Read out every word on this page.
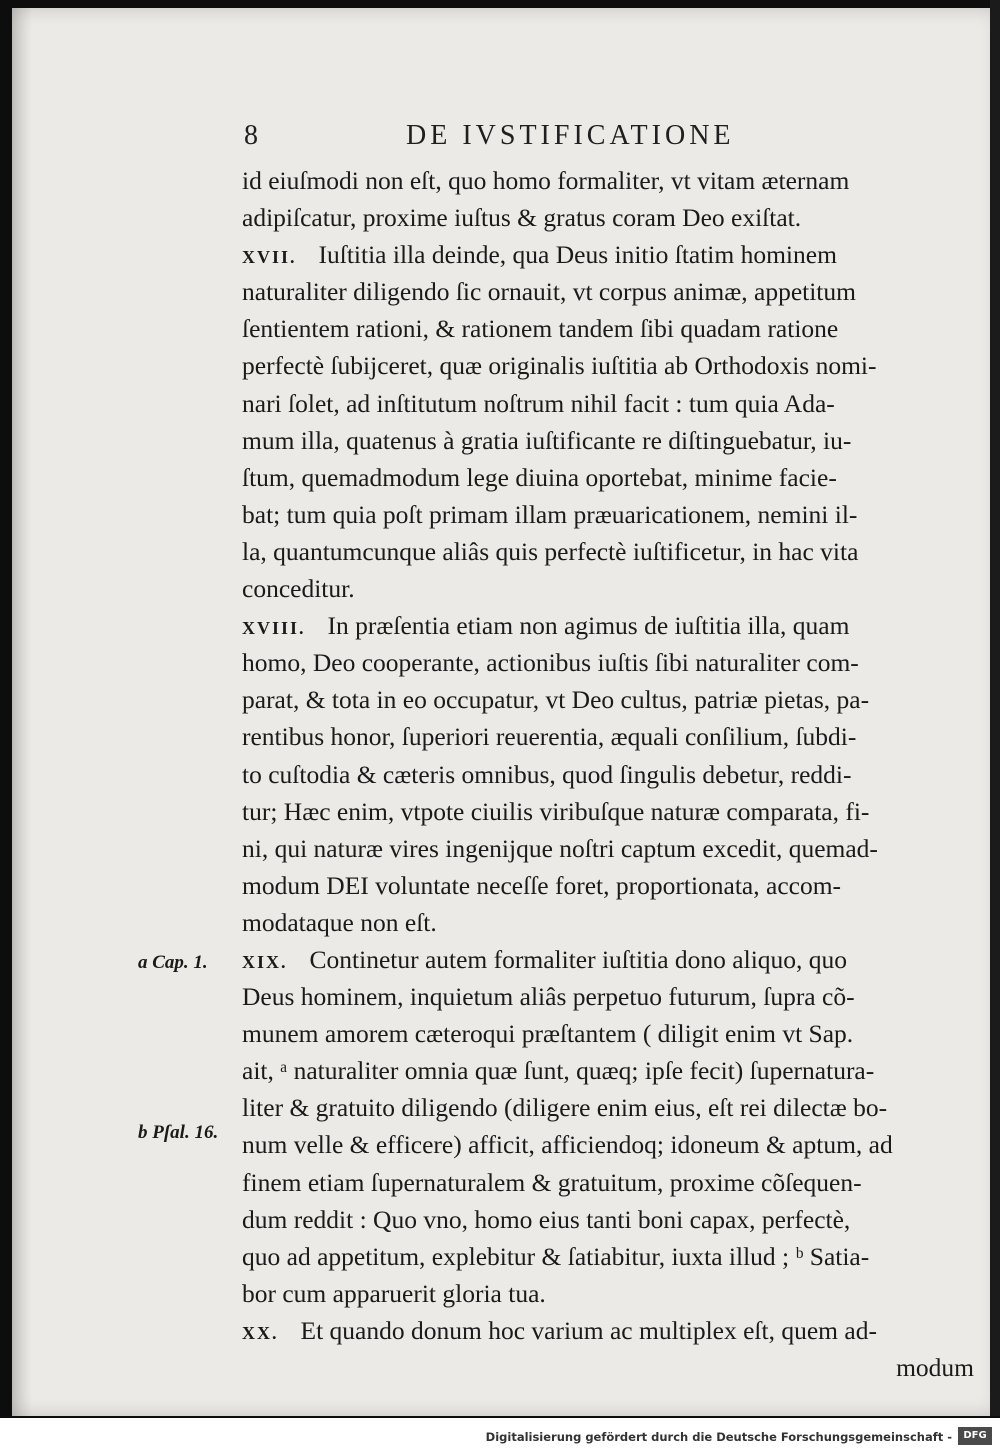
8	DE IVSTIFICATIONE
id eiuſmodi non eſt, quo homo formaliter, vt vitam æternam
adipiſcatur, proxime iuſtus & gratus coram Deo exiſtat.
XVII. Iuſtitia illa deinde, qua Deus initio ſtatim hominem
naturaliter diligendo ſic ornauit, vt corpus animæ, appetitum
ſentientem rationi, & rationem tandem ſibi quadam ratione
perfectè ſubijceret, quæ originalis iuſtitia ab Orthodoxis nomi-
nari ſolet, ad inſtitutum noſtrum nihil facit : tum quia Ada-
mum illa, quatenus à gratia iuſtificante re diſtinguebatur, iu-
ſtum, quemadmodum lege diuina oportebat, minime facie-
bat; tum quia poſt primam illam præuaricationem, nemini il-
la, quantumcunque aliâs quis perfectè iuſtificetur, in hac vita
conceditur.
XVIII. In præſentia etiam non agimus de iuſtitia illa, quam
homo, Deo cooperante, actionibus iuſtis ſibi naturaliter com-
parat, & tota in eo occupatur, vt Deo cultus, patriæ pietas, pa-
rentibus honor, ſuperiori reuerentia, æquali conſilium, ſubdi-
to cuſtodia & cæteris omnibus, quod ſingulis debetur, reddi-
tur; Hæc enim, vtpote ciuilis viribuſque naturæ comparata, fi-
ni, qui naturæ vires ingenijque noſtri captum excedit, quemad-
modum DEI voluntate neceſſe foret, proportionata, accom-
modataque non eſt.
XIX. Continetur autem formaliter iuſtitia dono aliquo, quo
Deus hominem, inquietum aliâs perpetuo futurum, ſupra cõ-
munem amorem cæteroqui præſtantem ( diligit enim vt Sap.
ait, ᵃ naturaliter omnia quæ ſunt, quæq; ipſe fecit) ſupernatura-
liter & gratuito diligendo (diligere enim eius, eſt rei dilectæ bo-
num velle & efficere) afficit, afficiendoq; idoneum & aptum, ad
finem etiam ſupernaturalem & gratuitum, proxime cõſequen-
dum reddit : Quo vno, homo eius tanti boni capax, perfectè,
quo ad appetitum, explebitur & ſatiabitur, iuxta illud ; ᵇ Satia-
bor cum apparuerit gloria tua.
XX. Et quando donum hoc varium ac multiplex eſt, quem ad-
modum
a Cap. 1.
b Pſal. 16.
Digitalisierung gefördert durch die Deutsche Forschungsgemeinschaft -	DFG
